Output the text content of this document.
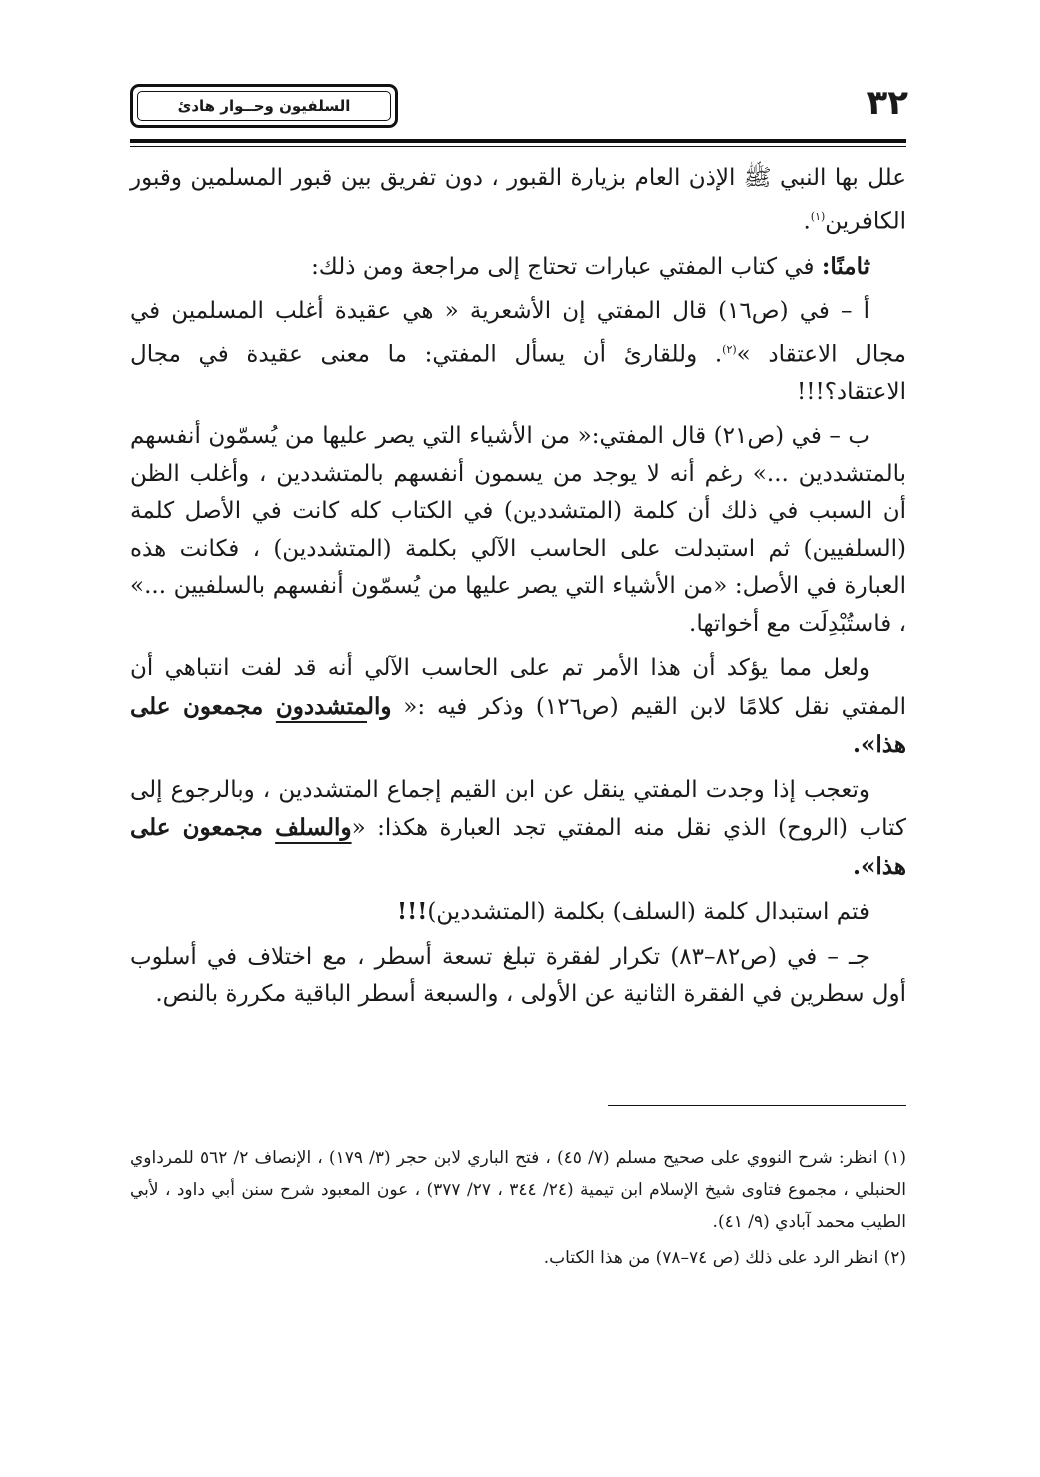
٣٢
السلفيون وحــوار هادئ

علل بها النبي ﷺ الإذن العام بزيارة القبور ، دون تفريق بين قبور المسلمين وقبور الكافرين$^{(١)}$.

ثامنًا: في كتاب المفتي عبارات تحتاج إلى مراجعة ومن ذلك:

أ – في (ص١٦) قال المفتي إن الأشعرية « هي عقيدة أغلب المسلمين في مجال الاعتقاد »$^{(٢)}$. وللقارئ أن يسأل المفتي: ما معنى عقيدة في مجال الاعتقاد؟!!!

ب – في (ص٢١) قال المفتي:« من الأشياء التي يصر عليها من يُسمّون أنفسهم بالمتشددين ...» رغم أنه لا يوجد من يسمون أنفسهم بالمتشددين ، وأغلب الظن أن السبب في ذلك أن كلمة (المتشددين) في الكتاب كله كانت في الأصل كلمة (السلفيين) ثم استبدلت على الحاسب الآلي بكلمة (المتشددين) ، فكانت هذه العبارة في الأصل: «من الأشياء التي يصر عليها من يُسمّون أنفسهم بالسلفيين ...» ، فاستُبْدِلَت مع أخواتها.

ولعل مما يؤكد أن هذا الأمر تم على الحاسب الآلي أنه قد لفت انتباهي أن المفتي نقل كلامًا لابن القيم (ص١٢٦) وذكر فيه :« والمتشددون مجمعون على هذا».

وتعجب إذا وجدت المفتي ينقل عن ابن القيم إجماع المتشددين ، وبالرجوع إلى كتاب (الروح) الذي نقل منه المفتي تجد العبارة هكذا: «والسلف مجمعون على هذا».

فتم استبدال كلمة (السلف) بكلمة (المتشددين)!!!

جـ – في (ص٨٢–٨٣) تكرار لفقرة تبلغ تسعة أسطر ، مع اختلاف في أسلوب أول سطرين في الفقرة الثانية عن الأولى ، والسبعة أسطر الباقية مكررة بالنص.

(١) انظر: شرح النووي على صحيح مسلم (٧/ ٤٥) ، فتح الباري لابن حجر (٣/ ١٧٩) ، الإنصاف ٢/ ٥٦٢ للمرداوي الحنبلي ، مجموع فتاوى شيخ الإسلام ابن تيمية (٢٤/ ٣٤٤ ، ٢٧/ ٣٧٧) ، عون المعبود شرح سنن أبي داود ، لأبي الطيب محمد آبادي (٩/ ٤١).

(٢) انظر الرد على ذلك (ص ٧٤–٧٨) من هذا الكتاب.
